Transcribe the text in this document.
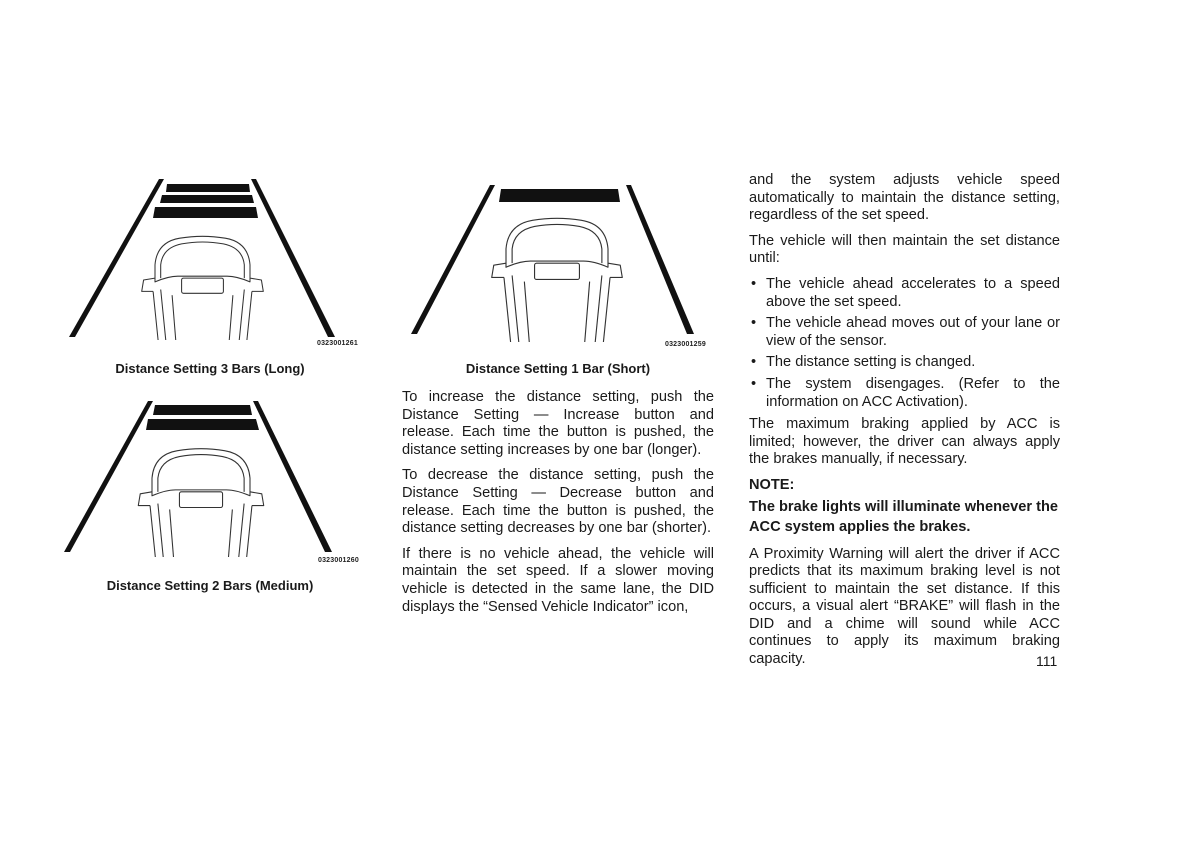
0323001261
Distance Setting 3 Bars (Long)
0323001260
Distance Setting 2 Bars (Medium)
0323001259
Distance Setting 1 Bar (Short)

To increase the distance setting, push the Distance Setting — Increase button and release. Each time the button is pushed, the distance setting increases by one bar (longer).

To decrease the distance setting, push the Distance Setting — Decrease button and release. Each time the button is pushed, the distance setting decreases by one bar (shorter).

If there is no vehicle ahead, the vehicle will maintain the set speed. If a slower moving vehicle is detected in the same lane, the DID displays the “Sensed Vehicle Indicator” icon,

and the system adjusts vehicle speed automatically to maintain the distance setting, regardless of the set speed.

The vehicle will then maintain the set distance until:

• The vehicle ahead accelerates to a speed above the set speed.
• The vehicle ahead moves out of your lane or view of the sensor.
• The distance setting is changed.
• The system disengages. (Refer to the information on ACC Activation).

The maximum braking applied by ACC is limited; however, the driver can always apply the brakes manually, if necessary.

NOTE:
The brake lights will illuminate whenever the ACC system applies the brakes.

A Proximity Warning will alert the driver if ACC predicts that its maximum braking level is not sufficient to maintain the set distance. If this occurs, a visual alert “BRAKE” will flash in the DID and a chime will sound while ACC continues to apply its maximum braking capacity.	111
